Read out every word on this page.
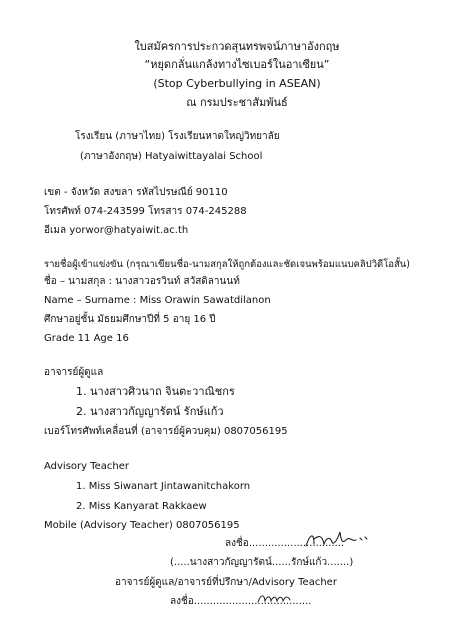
ใบสมัครการประกวดสุนทรพจน์ภาษาอังกฤษ
“หยุดกลั่นแกล้งทางไซเบอร์ในอาเซียน”
(Stop Cyberbullying in ASEAN)
ณ กรมประชาสัมพันธ์
โรงเรียน (ภาษาไทย) โรงเรียนหาดใหญ่วิทยาลัย
(ภาษาอังกฤษ) Hatyaiwittayalai School
เขต - จังหวัด สงขลา รหัสไปรษณีย์ 90110
โทรศัพท์ 074-243599 โทรสาร 074-245288
อีเมล yorwor@hatyaiwit.ac.th
รายชื่อผู้เข้าแข่งขัน (กรุณาเขียนชื่อ-นามสกุลให้ถูกต้องและชัดเจนพร้อมแนบคลิปวิดีโอสั้น)
ชื่อ – นามสกุล : นางสาวอรวินท์ สวัสดิลานนท์
Name – Surname : Miss Orawin Sawatdilanon
ศึกษาอยู่ชั้น มัธยมศึกษาปีที่ 5 อายุ 16 ปี
Grade 11 Age 16
อาจารย์ผู้ดูแล
1. นางสาวศิวนาถ จินตะวาณิชกร
2. นางสาวกัญญารัตน์ รักษ์แก้ว
เบอร์โทรศัพท์เคลื่อนที่ (อาจารย์ผู้ควบคุม) 0807056195
Advisory Teacher
1. Miss Siwanart Jintawanitchakorn
2. Miss Kanyarat Rakkaew
Mobile (Advisory Teacher) 0807056195
ลงชื่อ..............................
(.....นางสาวกัญญารัตน์......รักษ์แก้ว.......)
อาจารย์ผู้ดูแล/อาจารย์ที่ปรึกษา/Advisory Teacher
ลงชื่อ.....................................
